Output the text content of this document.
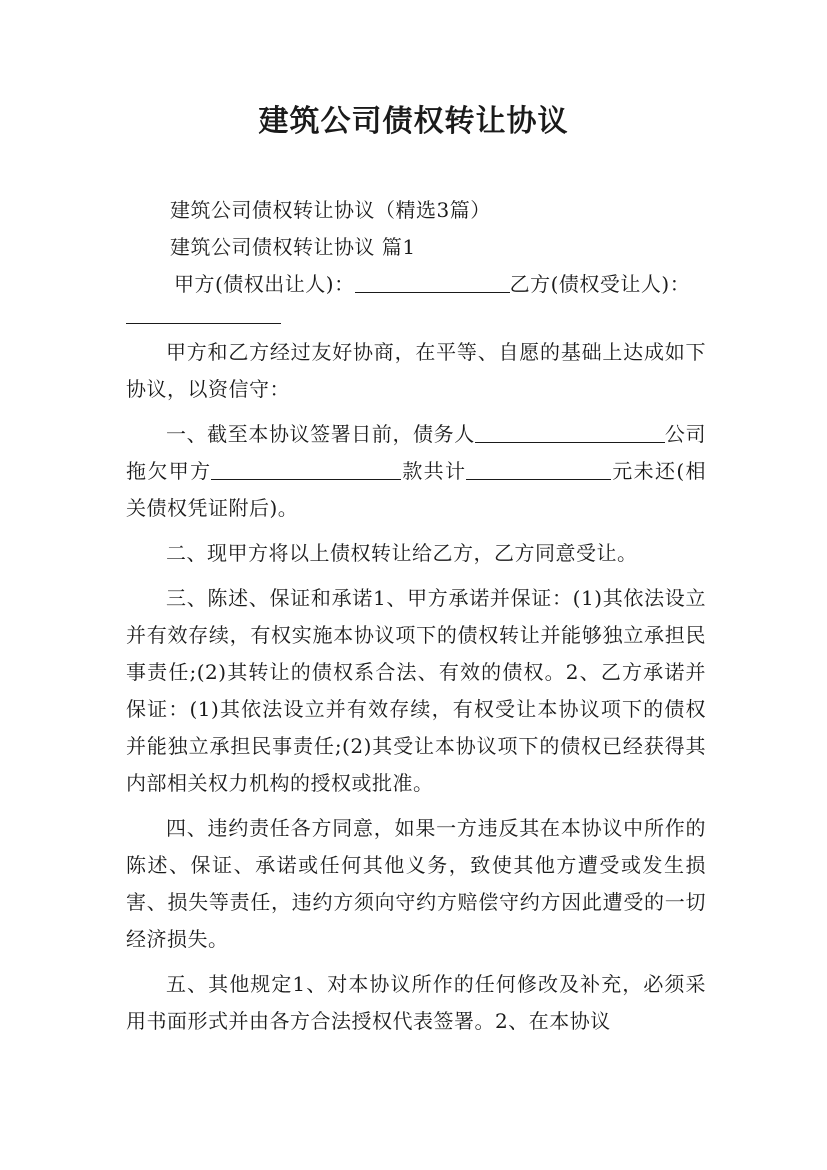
建筑公司债权转让协议

建筑公司债权转让协议（精选3篇）

建筑公司债权转让协议 篇1

甲方(债权出让人)：	乙方(债权受让人)：

甲方和乙方经过友好协商，在平等、自愿的基础上达成如下协议，以资信守：

一、截至本协议签署日前，债务人	公司拖欠甲方	款共计	元未还(相关债权凭证附后)。

二、现甲方将以上债权转让给乙方，乙方同意受让。

三、陈述、保证和承诺1、甲方承诺并保证：(1)其依法设立并有效存续，有权实施本协议项下的债权转让并能够独立承担民事责任;(2)其转让的债权系合法、有效的债权。2、乙方承诺并保证：(1)其依法设立并有效存续，有权受让本协议项下的债权并能独立承担民事责任;(2)其受让本协议项下的债权已经获得其内部相关权力机构的授权或批准。

四、违约责任各方同意，如果一方违反其在本协议中所作的陈述、保证、承诺或任何其他义务，致使其他方遭受或发生损害、损失等责任，违约方须向守约方赔偿守约方因此遭受的一切经济损失。

五、其他规定1、对本协议所作的任何修改及补充，必须采用书面形式并由各方合法授权代表签署。2、在本协议
